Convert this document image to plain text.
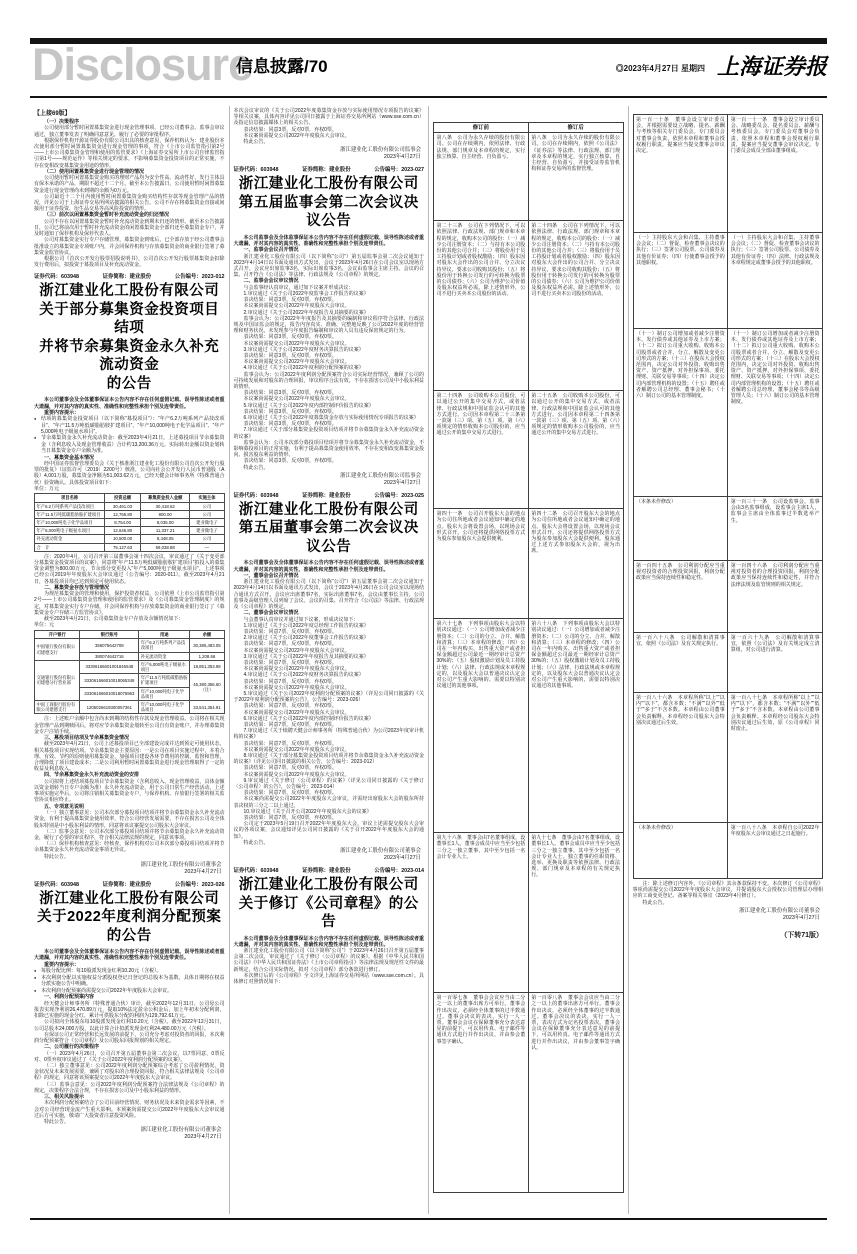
Disclosure
信息披露/70	◎2023年4月27日 星期四 上海证券报
【上接69版】
（一）决策程序

公司使用部分暂时闲置募集资金进行现金管理事项，已经公司董事会、监事会审议通过，独立董事发表了明确同意意见，履行了必要的审批程序。

根据保荐机构开源证券股份有限公司出具的核查意见，保荐机构认为：建业股份本次使用部分暂时闲置募集资金进行现金管理的事项，符合《上市公司监管指引第2号——上市公司募集资金管理和使用的监管要求》《上海证券交易所上市公司自律监管指引第1号——规范运作》等相关规定的要求，不影响募集资金投资项目的正常实施，不存在变相改变募集资金用途的情形。

（二）使用闲置募集资金进行现金管理的情况

公司使用暂时闲置募集资金购买的理财产品均为安全性高、流动性好、发行主体具有保本承诺的产品，期限不超过十二个月。截至本公告披露日，公司使用暂时闲置募集资金进行现金管理尚未到期的余额为0万元。

公司最近十二个月内使用暂时闲置募集资金购买结构性存款等现金管理产品的情况，详见公司于上海证券交易所网站披露的相关公告。公司不存在将募集资金直接或间接用于证券投资、衍生品交易等高风险投资的情形。

（三）前次以闲置募集资金暂时补充流动资金的归还情况

公司不存在以闲置募集资金暂时补充流动资金到期未归还的情形。截至本公告披露日，公司已将前次用于暂时补充流动资金的闲置募集资金全部归还至募集资金专户，并及时通知了保荐机构及保荐代表人。

公司对募集资金实行专户存储管理，募集资金到账后，已全部存放于经公司董事会批准设立的募集资金专项账户内，并会同保荐机构与存放募集资金的商业银行签署了募集资金监管协议。

根据公司《首次公开发行股票招股说明书》，公司首次公开发行股票募集资金扣除发行费用后，拟投资于募投项目及补充流动资金。

证券代码：603948	证券简称：建业股份	公告编号：2023-012
浙江建业化工股份有限公司
关于部分募集资金投资项目结项
并将节余募集资金永久补充流动资金
的公告

本公司董事会及全体董事保证本公告内容不存在任何虚假记载、误导性陈述或者重大遗漏，并对其内容的真实性、准确性和完整性承担个别及连带责任。

重要内容提示：
● 结项的募集资金投资项目（以下简称“募投项目”）：“年产6.2万吨系列产品技改项目”、“年产11.5万吨低碳脂肪胺扩建项目”、“年产10,000吨电子化学品项目”、“年产5,000吨电子级氨水项目”。
● 节余募集资金永久补充流动资金：截至2023年4月21日，上述募投项目节余募集资金（含利息收入及现金管理收益）合计约13,200.36万元，实际转出金额以资金划转当日募集资金专户余额为准。
一、募集资金基本情况

经中国证券监督管理委员会《关于核准浙江建业化工股份有限公司首次公开发行股票的批复》（证监许可〔2019〕2200号）核准，公司向社会公开发行人民币普通股（A股）4,001万股，募集资金净额为51,003.62万元，已经天健会计师事务所（特殊普通合伙）验资确认。具体投资项目如下：

单位：万元

项目名称	投资总额	募集资金投入金额	实施主体
年产6.2万吨系列产品技改项目	30,461.03	30,418.62	公司
年产11.5万吨低碳脂肪胺扩建项目	12,765.80	800.00	公司
年产10,000吨电子化学品项目	8,754.00	8,035.00	建业微电子
年产5,000吨电子级氨水项目	12,646.80	11,337.21	建业微电子
补充流动资金	10,500.00	8,448.05	公司
合　计	75,127.63	59,038.88	—

注：2020年4月，公司召开第三届董事会第十四次会议，审议通过了《关于变更部分募集资金投资项目的议案》，同意将“年产11.5万吨低碳脂肪胺扩建项目”拟投入的募集资金调整为800.00万元，节余部分变更投入“年产5,000吨电子级氨水项目”，上述事项已经公司2019年年度股东大会审议通过（公告编号：2020-011）。截至2023年4月21日，各募投项目均已达到预定可使用状态。

二、募集资金存放与管理情况

为规范募集资金的管理和使用，保护投资者权益，公司依照《上市公司监管指引第2号——上市公司募集资金管理和使用的监管要求》及《公司募集资金管理制度》的规定，对募集资金实行专户存储，并会同保荐机构与存放募集资金的商业银行签订了《募集资金专户存储三方监管协议》。

截至2023年4月21日，公司募集资金专户存放及余额情况如下：

单位：元

开户银行	银行账号	用途	余额
中国银行股份有限公司建德支行	356075642708	年产6.2万吨系列产品技改项目	30,385,483.05
	380074642716	补充流动资金	1,208.66
交通银行股份有限公司建德分行营业部	33306166601001846548	年产5,000吨电子级氨水项目	18,851,353.98
	333061666010018065348	年产11.5万吨低碳脂肪胺扩建项目	45,380,356.60（注）
	333061666010018075963	年产10,000吨电子化学品项目	
中国工商银行股份有限公司建德支行	1206026619300057361	年产10,000吨电子化学品项目	33,541,354.91

注：上述账户余额中包含尚未到期的结构性存款及现金管理收益。公司将在相关现金管理产品到期赎回后，将对应节余募集资金划转至公司自有资金账户，并办理募集资金专户注销手续。

三、募投项目结项及节余募集资金情况

截至2023年4月21日，公司上述募投项目已全部建设完成并达到预定可使用状态，相关募投项目实现结项。节余募集资金主要原因：一是公司在项目实施过程中，本着合理、有效、节约的原则使用募集资金，加强项目建设各环节费用的控制、监督和管理，合理降低了项目建设成本；二是公司利用暂时闲置募集资金进行现金管理取得了一定的收益及利息收入。

四、节余募集资金永久补充流动资金的安排

公司拟将上述结项募投项目节余募集资金（含利息收入、现金管理收益，具体金额以资金划转当日专户余额为准）永久补充流动资金，用于公司日常生产经营活动。上述事项实施完毕后，公司将注销相关募集资金专户，与保荐机构、存放银行签署的相关监管协议相应终止。

五、专项意见说明

（一）独立董事意见：公司本次部分募投项目结项并将节余募集资金永久补充流动资金，有利于提高募集资金使用效率，符合公司经营发展需要，不存在损害公司及全体股东特别是中小股东利益的情形，同意将该议案提交公司股东大会审议。

（二）监事会意见：公司本次部分募投项目结项并将节余募集资金永久补充流动资金，履行了必要的审议程序，符合相关法律法规的规定，同意该事项。

（三）保荐机构核查意见：经核查，保荐机构对公司本次部分募投项目结项并将节余募集资金永久补充流动资金事项无异议。

特此公告。

浙江建业化工股份有限公司董事会
2023年4月27日
证券代码：603948	证券简称：建业股份	公告编号：2023-026
浙江建业化工股份有限公司
关于2022年度利润分配预案的公告

本公司董事会及全体董事保证本公告内容不存在任何虚假记载、误导性陈述或者重大遗漏，并对其内容的真实性、准确性和完整性承担个别及连带责任。

重要内容提示：
● 每股分配比例：每10股派发现金红利10.20元（含税）。
● 本次利润分配以实施权益分派股权登记日登记的总股本为基数，具体日期将在权益分派实施公告中明确。
● 本次利润分配预案尚需提交公司2022年年度股东大会审议。
一、利润分配预案内容

经天健会计师事务所（特殊普通合伙）审计，截至2022年12月31日，公司母公司报表实现净利润26,470.89万元，提取10%法定盈余公积金后，加上年初未分配利润，扣除已实施的现金分红，累计可供股东分配的利润为129,792.61万元。

公司拟向全体股东每10股派发现金红利10.20元（含税）。截至2022年12月31日，公司总股本24,000万股，以此计算合计拟派发现金红利24,480.00万元（含税）。

在保证公司正常经营和长远发展的前提下，公司充分考虑对投资者的回报，本次利润分配预案符合《公司章程》及公司股东回报规划的相关规定。

二、公司履行的决策程序

（一）2023年4月26日，公司召开第五届董事会第二次会议，以7票同意、0票反对、0票弃权审议通过了《关于公司2022年度利润分配预案的议案》。

（二）独立董事意见：公司2022年度利润分配预案综合考虑了公司盈利情况、资金状况及未来发展需要，兼顾了对股东的合理投资回报，符合相关法律法规及《公司章程》的规定，同意将该预案提交公司2022年年度股东大会审议。

（三）监事会意见：公司2022年度利润分配预案符合法律法规及《公司章程》的规定，决策程序合法合规，不存在损害公司及中小股东利益的情形。

三、相关风险提示

本次利润分配预案结合了公司目前经营情况、财务状况及未来资金需求等因素，不会对公司经营现金流产生重大影响。本预案尚需提交公司2022年年度股东大会审议通过后方可实施，敬请广大投资者注意投资风险。

特此公告。

浙江建业化工股份有限公司董事会
2023年4月27日

本次会议审议的《关于公司2022年度募集资金存放与实际使用情况专项报告的议案》等相关议案，具体内容详见公司同日披露于上海证券交易所网站（www.sse.com.cn）及指定信息披露媒体上的相关公告。

表决结果：同意3票，反对0票，弃权0票。

本议案尚需提交公司2022年年度股东大会审议。

特此公告。

浙江建业化工股份有限公司监事会
2023年4月27日
证券代码：603948	证券简称：建业股份	公告编号：2023-027
浙江建业化工股份有限公司
第五届监事会第二次会议决议公告

本公司监事会及全体监事保证本公告内容不存在任何虚假记载、误导性陈述或者重大遗漏，并对其内容的真实性、准确性和完整性承担个别及连带责任。

一、监事会会议召开情况

浙江建业化工股份有限公司（以下简称“公司”）第五届监事会第二次会议通知于2023年4月14日以书面及通讯方式发出，会议于2023年4月26日在公司会议室以现场方式召开。会议应出席监事3名，实际出席监事3名，会议由监事会主席主持。会议的召集、召开符合《公司法》等法律、行政法规及《公司章程》的规定。

二、监事会会议审议情况

与会监事经认真审议，通过如下议案并形成决议：

1.审议通过《关于公司2022年度监事会工作报告的议案》

表决结果：同意3票，反对0票，弃权0票。

本议案尚需提交公司2022年年度股东大会审议。

2.审议通过《关于公司2022年年度报告及其摘要的议案》

监事会认为：公司2022年年度报告及其摘要的编制和审议程序符合法律、行政法规及中国证监会的规定，报告内容真实、准确、完整地反映了公司2022年度的经营管理和财务状况，未发现参与年度报告编制和审议的人员有违反保密规定的行为。

表决结果：同意3票，反对0票，弃权0票。

本议案尚需提交公司2022年年度股东大会审议。

3.审议通过《关于公司2022年度财务决算报告的议案》

表决结果：同意3票，反对0票，弃权0票。

本议案尚需提交公司2022年年度股东大会审议。

4.审议通过《关于公司2022年度利润分配预案的议案》

监事会认为：公司2022年度利润分配预案符合公司实际经营情况，兼顾了公司的可持续发展和对股东的合理回报，审议程序合法有效，不存在损害公司及中小股东利益的情形。

表决结果：同意3票，反对0票，弃权0票。

本议案尚需提交公司2022年年度股东大会审议。

5.审议通过《关于公司2022年度内部控制评价报告的议案》

表决结果：同意3票，反对0票，弃权0票。

6.审议通过《关于公司2022年度募集资金存放与实际使用情况专项报告的议案》

表决结果：同意3票，反对0票，弃权0票。

7.审议通过《关于部分募集资金投资项目结项并将节余募集资金永久补充流动资金的议案》

监事会认为：公司本次部分募投项目结项并将节余募集资金永久补充流动资金，不影响募投项目的正常实施，有利于提高募集资金使用效率，不存在变相改变募集资金投向、损害股东利益的情形。

表决结果：同意3票，反对0票，弃权0票。

特此公告。

浙江建业化工股份有限公司监事会
2023年4月27日
证券代码：603948	证券简称：建业股份	公告编号：2023-025
浙江建业化工股份有限公司
第五届董事会第二次会议决议公告

本公司董事会及全体董事保证本公告内容不存在任何虚假记载、误导性陈述或者重大遗漏，并对其内容的真实性、准确性和完整性承担个别及连带责任。

一、董事会会议召开情况

浙江建业化工股份有限公司（以下简称“公司”）第五届董事会第二次会议通知于2023年4月14日以书面及通讯方式发出，会议于2023年4月26日在公司会议室以现场结合通讯方式召开。会议应出席董事7名，实际出席董事7名，会议由董事长主持，公司监事及高级管理人员列席了会议。会议的召集、召开符合《公司法》等法律、行政法规及《公司章程》的规定。

二、董事会会议审议情况

与会董事认真审议并通过如下议案，形成决议如下：

1.审议通过《关于公司2022年度总经理工作报告的议案》

表决结果：同意7票，反对0票，弃权0票。

2.审议通过《关于公司2022年度董事会工作报告的议案》

表决结果：同意7票，反对0票，弃权0票。

本议案尚需提交公司2022年年度股东大会审议。

3.审议通过《关于公司2022年年度报告及其摘要的议案》

表决结果：同意7票，反对0票，弃权0票。

本议案尚需提交公司2022年年度股东大会审议。

4.审议通过《关于公司2022年度财务决算报告的议案》

表决结果：同意7票，反对0票，弃权0票。

本议案尚需提交公司2022年年度股东大会审议。

5.审议通过《关于公司2022年度利润分配预案的议案》（详见公司同日披露的《关于2022年度利润分配预案的公告》，公告编号：2023-026）

表决结果：同意7票，反对0票，弃权0票。

本议案尚需提交公司2022年年度股东大会审议。

6.审议通过《关于公司2022年度内部控制评价报告的议案》

表决结果：同意7票，反对0票，弃权0票。

7.审议通过《关于续聘天健会计师事务所（特殊普通合伙）为公司2023年度审计机构的议案》

表决结果：同意7票，反对0票，弃权0票。

本议案尚需提交公司2022年年度股东大会审议。

8.审议通过《关于部分募集资金投资项目结项并将节余募集资金永久补充流动资金的议案》（详见公司同日披露的相关公告，公告编号：2023-012）

表决结果：同意7票，反对0票，弃权0票。

本议案尚需提交公司2022年年度股东大会审议。

9.审议通过《关于修订〈公司章程〉的议案》（详见公司同日披露的《关于修订〈公司章程〉的公告》，公告编号：2023-014）

表决结果：同意7票，反对0票，弃权0票。

本议案尚需提交公司2022年年度股东大会审议，并需经出席股东大会的股东所持表决权的三分之二以上通过。

10.审议通过《关于召开公司2022年年度股东大会的议案》

表决结果：同意7票，反对0票，弃权0票。

公司定于2023年5月19日召开2022年年度股东大会，审议上述需提交股东大会审议的各项议案，会议通知详见公司同日披露的《关于召开2022年年度股东大会的通知》。

特此公告。

浙江建业化工股份有限公司董事会
2023年4月27日
证券代码：603948	证券简称：建业股份	公告编号：2023-014
浙江建业化工股份有限公司
关于修订《公司章程》的公告

本公司董事会及全体董事保证本公告内容不存在任何虚假记载、误导性陈述或者重大遗漏，并对其内容的真实性、准确性和完整性承担个别及连带责任。

浙江建业化工股份有限公司（以下简称“公司”）于2023年4月26日召开第五届董事会第二次会议，审议通过了《关于修订〈公司章程〉的议案》。根据《中华人民共和国公司法》《中华人民共和国证券法》《上市公司章程指引》等法律法规及规范性文件的最新规定，结合公司实际情况，拟对《公司章程》部分条款进行修订。

本次修订后的《公司章程》全文详见上海证券交易所网站（www.sse.com.cn）。具体修订对照情况如下：

修订前	修订后
第八条　公司为永久存续的股份有限公司。公司在存续期内，依照法律、行政法规、部门规章及本章程的规定，实行独立核算、自主经营、自负盈亏。	第八条　公司为永久存续的股份有限公司。公司在存续期内，依照《公司法》《证券法》等法律、行政法规、部门规章及本章程的规定，实行独立核算、自主经营、自负盈亏，并接受证券监管机构和证券交易所的监督管理。
第二十三条　公司在下列情况下，可以依照法律、行政法规、部门规章和本章程的规定，收购本公司的股份：（一）减少公司注册资本；（二）与持有本公司股份的其他公司合并；（三）将股份用于员工持股计划或者股权激励；（四）股东因对股东大会作出的公司合并、分立决议持异议，要求公司收购其股份；（五）将股份用于转换公司发行的可转换为股票的公司债券；（六）公司为维护公司价值及股东权益所必需。除上述情形外，公司不进行买卖本公司股份的活动。	第二十四条　公司在下列情况下，可以依照法律、行政法规、部门规章和本章程的规定，收购本公司的股份：（一）减少公司注册资本；（二）与持有本公司股份的其他公司合并；（三）将股份用于员工持股计划或者股权激励；（四）股东因对股东大会作出的公司合并、分立决议持异议，要求公司收购其股份；（五）将股份用于转换公司发行的可转换为股票的公司债券；（六）公司为维护公司价值及股东权益所必需。除上述情形外，公司不进行买卖本公司股份的活动。
第二十四条　公司收购本公司股份，可以通过公开的集中交易方式，或者法律、行政法规和中国证监会认可的其他方式进行。公司因本章程第二十三条第一款第（三）项、第（五）项、第（六）项规定的情形收购本公司股份的，应当通过公开的集中交易方式进行。	第二十五条　公司收购本公司股份，可以通过公开的集中交易方式，或者法律、行政法规和中国证监会认可的其他方式进行。公司因本章程第二十四条第一款第（三）项、第（五）项、第（六）项规定的情形收购本公司股份的，应当通过公开的集中交易方式进行。
第四十一条　公司召开股东大会的地点为公司住所地或者会议通知中确定的地点。股东大会将设置会场，以现场会议形式召开。公司还将提供网络投票方式为股东参加股东大会提供便利。	第四十二条　公司召开股东大会的地点为公司住所地或者会议通知中确定的地点。股东大会将设置会场，以现场会议形式召开。公司还将提供网络投票方式为股东参加股东大会提供便利。股东通过上述方式参加股东大会的，视为出席。
第六十七条　下列事项由股东大会以特别决议通过：（一）公司增加或者减少注册资本；（二）公司的分立、合并、解散和清算；（三）本章程的修改；（四）公司在一年内购买、出售重大资产或者担保金额超过公司最近一期经审计总资产30%的；（五）股权激励计划及员工持股计划；（六）法律、行政法规或本章程规定的，以及股东大会以普通决议认定会对公司产生重大影响的、需要以特别决议通过的其他事项。	第六十八条　下列事项由股东大会以特别决议通过：（一）公司增加或者减少注册资本；（二）公司的分立、合并、解散和清算；（三）本章程的修改；（四）公司在一年内购买、出售重大资产或者担保金额超过公司最近一期经审计总资产30%的；（五）股权激励计划及员工持股计划；（六）法律、行政法规或本章程规定的，以及股东大会以普通决议认定会对公司产生重大影响的、需要以特别决议通过的其他事项。
第九十六条　董事会由7名董事组成，设董事长1人。董事会成员中应当至少包括三分之一独立董事，其中至少包括一名会计专业人士。	第九十七条　董事会由7名董事组成，设董事长1人。董事会成员中应当至少包括三分之一独立董事，其中至少包括一名会计专业人士。独立董事的任职资格、选举、更换及职责等依照法律、行政法规、部门规章及本章程的有关规定执行。
第一百零七条　董事会会议应当由二分之一以上的董事出席方可举行。董事会作出决议，必须经全体董事的过半数通过。董事会决议的表决，实行一人一票。董事会会议在保障董事充分表达意见的前提下，可以用传真、电子邮件等通讯方式进行并作出决议，并由参会董事签字确认。	第一百零八条　董事会会议应当由二分之一以上的董事出席方可举行。董事会作出决议，必须经全体董事的过半数通过。董事会决议的表决，实行一人一票，表决方式为记名投票表决。董事会会议在保障董事充分表达意见的前提下，可以用传真、电子邮件等通讯方式进行并作出决议，并由参会董事签字确认。
第一百一十条　董事会设立审计委员会，并根据需要设立战略、提名、薪酬与考核等相关专门委员会。专门委员会对董事会负责，依照本章程和董事会授权履行职责，提案应当提交董事会审议决定。	第一百一十一条　董事会设立审计委员会、战略委员会、提名委员会、薪酬与考核委员会。专门委员会对董事会负责，依照本章程和董事会授权履行职责，提案应当提交董事会审议决定。专门委员会成员全部由董事组成。
（一）主持股东大会和召集、主持董事会会议；（二）督促、检查董事会决议的执行；（三）签署公司股票、公司债券及其他有价证券；（四）行使董事会授予的其他职权。	（一）主持股东大会和召集、主持董事会会议；（二）督促、检查董事会决议的执行；（三）签署公司股票、公司债券及其他有价证券；（四）法律、行政法规及本章程规定或董事会授予的其他职权。
（十一）制订公司增加或者减少注册资本、发行债券或其他证券及上市方案；（十二）拟订公司重大收购、收购本公司股票或者合并、分立、解散及变更公司形式的方案；（十三）在股东大会授权范围内，决定公司对外投资、收购出售资产、资产抵押、对外担保事项、委托理财、关联交易等事项；（十四）决定公司内部管理机构的设置；（十五）聘任或者解聘公司总经理、董事会秘书；（十六）制订公司的基本管理制度。	（十一）制订公司增加或者减少注册资本、发行债券或其他证券及上市方案；（十二）拟订公司重大收购、收购本公司股票或者合并、分立、解散及变更公司形式的方案；（十三）在股东大会授权范围内，决定公司对外投资、收购出售资产、资产抵押、对外担保事项、委托理财、关联交易等事项；（十四）决定公司内部管理机构的设置；（十五）聘任或者解聘公司总经理、董事会秘书等高级管理人员；（十六）制订公司的基本管理制度。
（本条未作修改）	第一百三十一条　公司设监事会。监事会由3名监事组成，设监事会主席1人，监事会主席由全体监事过半数选举产生。
第一百四十五条　公司利润分配应当重视对投资者的合理投资回报，利润分配政策应当保持连续性和稳定性。	第一百四十六条　公司利润分配应当重视对投资者的合理投资回报，利润分配政策应当保持连续性和稳定性，并符合法律法规及监管规则的相关规定。
第一百六十八条　公司解散和清算事宜，依照《公司法》及有关规定执行。	第一百六十九条　公司解散和清算事宜，依照《公司法》及有关规定成立清算组，对公司进行清算。
第一百八十六条　本章程所称“以上”“以内”“以下”，都含本数；“不满”“以外”“低于”“多于”不含本数。本章程由公司董事会负责解释。本章程经公司股东大会特别决议通过后生效。	第一百八十七条　本章程所称“以上”“以内”“以下”，都含本数；“不满”“以外”“低于”“多于”不含本数。本章程由公司董事会负责解释。本章程经公司股东大会特别决议通过后生效，原《公司章程》同时废止。
（本条未作修改）	第一百八十八条　本章程自公司2022年年度股东大会审议通过之日起施行。

注：除上述修订内容外，《公司章程》其余条款保持不变。本次修订《公司章程》事项尚需提交公司2022年年度股东大会审议，并提请股东大会授权公司管理层办理相应的工商变更登记、备案等相关事宜（2023年4月修订）。

特此公告。

浙江建业化工股份有限公司董事会
2023年4月27日
（下转71版）
